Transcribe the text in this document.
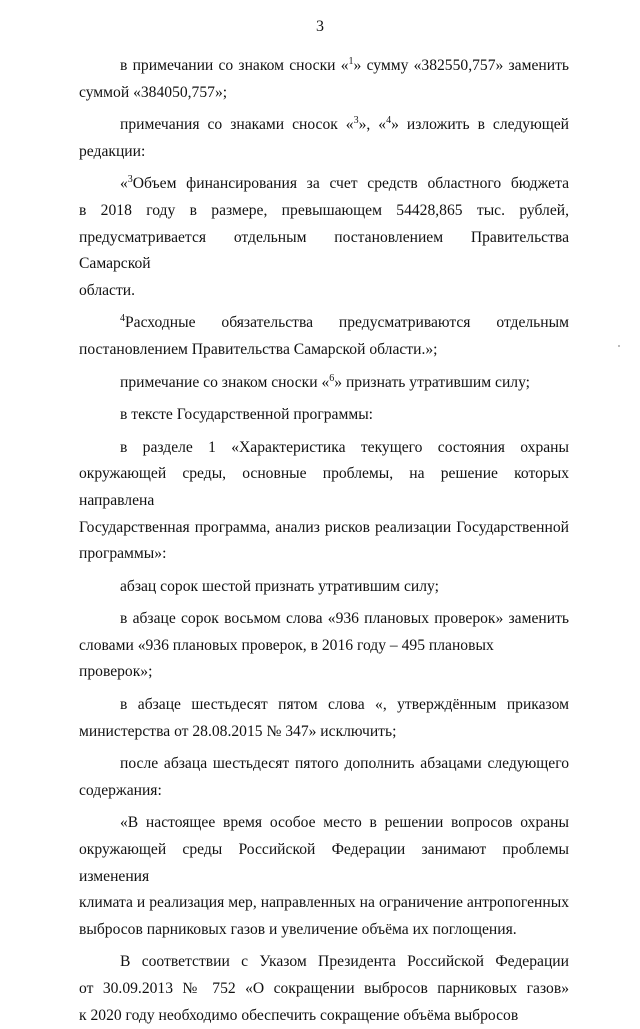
3
в примечании со знаком сноски «$^1$» сумму «382550,757» заменить
суммой «384050,757»;
примечания со знаками сносок «$^3$», «$^4$» изложить в следующей
редакции:
«$^3$Объем финансирования за счет средств областного бюджета
в 2018 году в размере, превышающем 54428,865 тыс. рублей,
предусматривается отдельным постановлением Правительства Самарской
области.
$^4$Расходные обязательства предусматриваются отдельным
постановлением Правительства Самарской области.»;
примечание со знаком сноски «$^6$» признать утратившим силу;
в тексте Государственной программы:
в разделе 1 «Характеристика текущего состояния охраны
окружающей среды, основные проблемы, на решение которых направлена
Государственная программа, анализ рисков реализации Государственной
программы»:
абзац сорок шестой признать утратившим силу;
в абзаце сорок восьмом слова «936 плановых проверок» заменить
словами «936 плановых проверок, в 2016 году – 495 плановых проверок»;
в абзаце шестьдесят пятом слова «, утверждённым приказом
министерства от 28.08.2015 № 347» исключить;
после абзаца шестьдесят пятого дополнить абзацами следующего
содержания:
«В настоящее время особое место в решении вопросов охраны
окружающей среды Российской Федерации занимают проблемы изменения
климата и реализация мер, направленных на ограничение антропогенных
выбросов парниковых газов и увеличение объёма их поглощения.
В соответствии с Указом Президента Российской Федерации
от 30.09.2013 № 752 «О сокращении выбросов парниковых газов»
к 2020 году необходимо обеспечить сокращение объёма выбросов
